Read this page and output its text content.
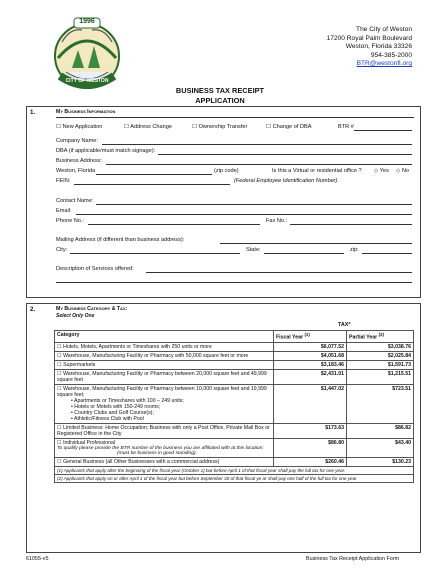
1996
CITY OF WESTON
The City of Weston
17200 Royal Palm Boulevard
Weston, Florida 33326
954-385-2000
BTR@westonfl.org
BUSINESS TAX RECEIPT
APPLICATION
1.	My Business Information
☐ New Application	☐ Address Change	☐ Ownership Transfer	☐ Change of DBA	BTR #
Company Name:
DBA (if applicable/must match signage):
Business Address:
Weston, Florida	(zip code)	Is this a Virtual or residential office ? ◇ Yes ◇ No
FEIN:	(Federal Employee Identification Number)
Contact Name:
Email:
Phone No.:	Fax No.:
Mailing Address (if different than business address):
City:	State:	zip:
Description of Services offered:
2.	My Business Category & Tax:
Select Only One
TAX*
Category	Fiscal Year $^{(1)}$	Partial Year $^{(2)}$
☐ Hotels, Motels, Apartments or Timeshares with 250 units or more	$6,077.52	$3,038.76
☐ Warehouse, Manufacturing Facility or Pharmacy with 50,000 square feet or more	$4,051.68	$2,025.84
☐ Supermarkets	$3,183.46	$1,591.73
☐ Warehouse, Manufacturing Facility or Pharmacy between 20,000 square feet and 49,999 square feet	$2,431.01	$1,215.51
☐ Warehouse, Manufacturing Facility or Pharmacy between 10,000 square feet and 19,999 square feet;
• Apartments or Timeshares with 100 – 249 units;
• Hotels or Motels with 150-249 rooms;
• Country Clubs and Golf Course(s);
• Athletic/Fitness Club with Pool	$1,447.02	$723.51
☐ Limited Business: Home Occupation; Business with only a Post Office, Private Mail Box or Registered Office in the City	$173.63	$86.82
☐ Individual Professional
To qualify please provide the BTR number of the business you are affiliated with at this location:
(must be business in good standing).	$86.80	$43.40
☐ General Business (all Other Businesses with a commercial address)	$260.46	$130.23
(1) Applicants that apply after the beginning of the fiscal year (October 1) but before April 1 of that fiscal year shall pay the full tax for one year.		
(2) Applicants that apply on or after April 1 of the fiscal year but before September 30 of that fiscal ye ar shall pay one half of the full tax for one year		
61055-v5	Business Tax Receipt Application Form
